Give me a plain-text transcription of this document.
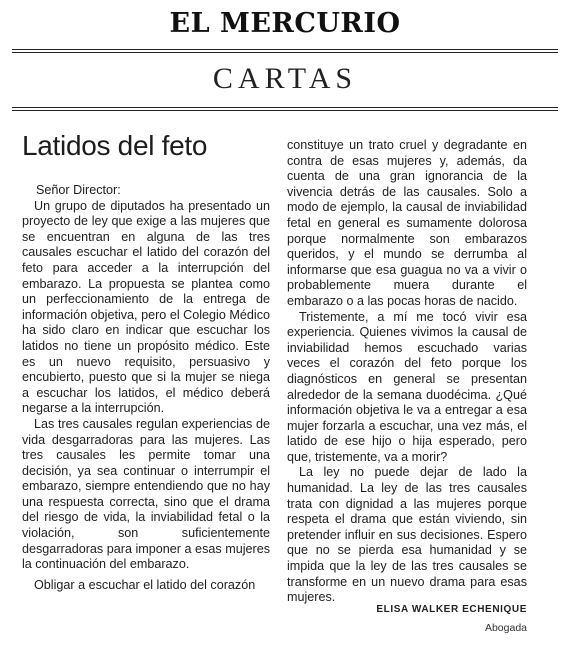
EL MERCURIO
CARTAS
Latidos del feto

Señor Director:

Un grupo de diputados ha presentado un proyecto de ley que exige a las mujeres que se encuentran en alguna de las tres causales escuchar el latido del corazón del feto para acceder a la interrupción del embarazo. La propuesta se plantea como un perfeccionamiento de la entrega de información objetiva, pero el Colegio Médico ha sido claro en indicar que escuchar los latidos no tiene un propósito médico. Este es un nuevo requisito, persuasivo y encubierto, puesto que si la mujer se niega a escuchar los latidos, el médico deberá negarse a la interrupción.

Las tres causales regulan experiencias de vida desgarradoras para las mujeres. Las tres causales les permite tomar una decisión, ya sea continuar o interrumpir el embarazo, siempre entendiendo que no hay una respuesta correcta, sino que el drama del riesgo de vida, la inviabilidad fetal o la violación, son suficientemente desgarradoras para imponer a esas mujeres la continuación del embarazo.

Obligar a escuchar el latido del corazón

constituye un trato cruel y degradante en contra de esas mujeres y, además, da cuenta de una gran ignorancia de la vivencia detrás de las causales. Solo a modo de ejemplo, la causal de inviabilidad fetal en general es sumamente dolorosa porque normalmente son embarazos queridos, y el mundo se derrumba al informarse que esa guagua no va a vivir o probablemente muera durante el embarazo o a las pocas horas de nacido.

Tristemente, a mí me tocó vivir esa experiencia. Quienes vivimos la causal de inviabilidad hemos escuchado varias veces el corazón del feto porque los diagnósticos en general se presentan alrededor de la semana duodécima. ¿Qué información objetiva le va a entregar a esa mujer forzarla a escuchar, una vez más, el latido de ese hijo o hija esperado, pero que, tristemente, va a morir?

La ley no puede dejar de lado la humanidad. La ley de las tres causales trata con dignidad a las mujeres porque respeta el drama que están viviendo, sin pretender influir en sus decisiones. Espero que no se pierda esa humanidad y se impida que la ley de las tres causales se transforme en un nuevo drama para esas mujeres.

ELISA WALKER ECHENIQUE
Abogada
